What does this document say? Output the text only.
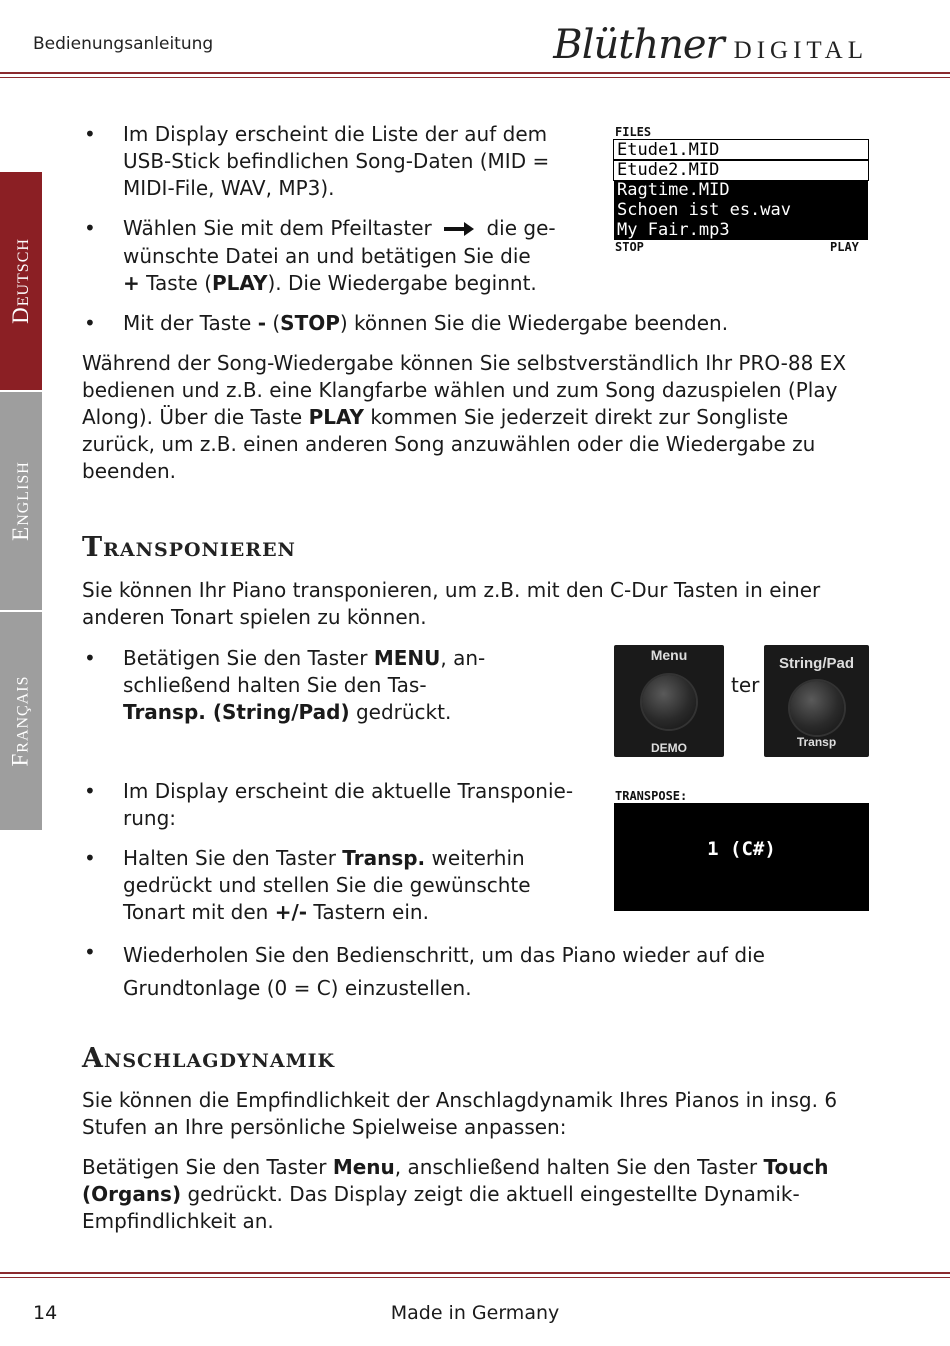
Bedienungsanleitung	Blüthner DIGITAL
Deutsch
English
Français
FILES
Etude1.MID
Etude2.MID
Ragtime.MID
Schoen ist es.wav
My Fair.mp3
STOP	PLAY
• Im Display erscheint die Liste der auf dem USB-Stick befindlichen Song-Daten (MID = MIDI-File, WAV, MP3).
• Wählen Sie mit dem Pfeiltaster	die ge-
wünschte Datei an und betätigen Sie die
+ Taste (PLAY). Die Wiedergabe beginnt.
• Mit der Taste - (STOP) können Sie die Wiedergabe beenden.
Während der Song-Wiedergabe können Sie selbstverständlich Ihr PRO-88 EX bedienen und z.B. eine Klangfarbe wählen und zum Song dazuspielen (Play Along). Über die Taste PLAY kommen Sie jederzeit direkt zur Songliste zurück, um z.B. einen anderen Song anzuwählen oder die Wiedergabe zu beenden.
Transponieren
Sie können Ihr Piano transponieren, um z.B. mit den C-Dur Tasten in einer anderen Tonart spielen zu können.
• Betätigen Sie den Taster MENU, an-
schließend halten Sie den Tas-
Transp. (String/Pad) gedrückt.
Menu
DEMO
ter
String/Pad
Transp
• Im Display erscheint die aktuelle Transponie-rung:
• Halten Sie den Taster Transp. weiterhin gedrückt und stellen Sie die gewünschte Tonart mit den +/- Tastern ein.
TRANSPOSE:
1 (C#)
• Wiederholen Sie den Bedienschritt, um das Piano wieder auf die Grundtonlage (0 = C) einzustellen.
Anschlagdynamik
Sie können die Empfindlichkeit der Anschlagdynamik Ihres Pianos in insg. 6 Stufen an Ihre persönliche Spielweise anpassen:
Betätigen Sie den Taster Menu, anschließend halten Sie den Taster Touch (Organs) gedrückt. Das Display zeigt die aktuell eingestellte Dynamik-Empfindlichkeit an.
14	Made in Germany
